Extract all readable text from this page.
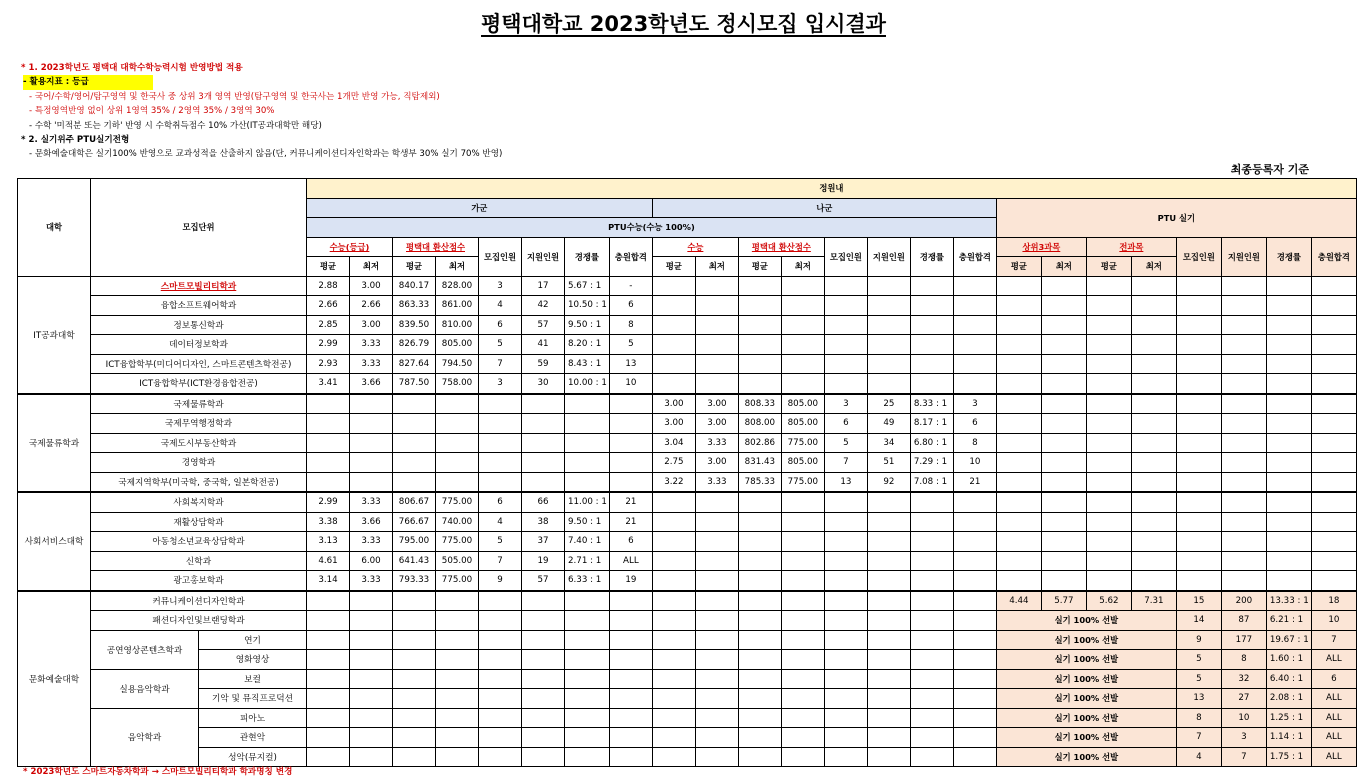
평택대학교 2023학년도 정시모집 입시결과
* 1. 2023학년도 평택대 대학수학능력시험 반영방법 적용
- 활용지표 : 등급
- 국어/수학/영어/탐구영역 및 한국사 중 상위 3개 영역 반영(탐구영역 및 한국사는 1개만 반영 가능, 직탐제외)
- 특정영역반영 없이 상위 1영역 35% / 2영역 35% / 3영역 30%
- 수학 '미적분 또는 기하' 반영 시 수학취득점수 10% 가산(IT공과대학만 해당)
* 2. 실기위주 PTU실기전형
- 문화예술대학은 실기100% 반영으로 교과성적을 산출하지 않음(단, 커뮤니케이션디자인학과는 학생부 30% 실기 70% 반영)
최종등록자 기준
대학	모집단위		정원내																							
			가군								나군								PTU 실기							
			PTU수능(수능 100%)																							
			수능(등급)		평택대 환산점수		모집인원	지원인원	경쟁률	충원합격	수능		평택대 환산점수		모집인원	지원인원	경쟁률	충원합격	상위3과목		전과목		모집인원	지원인원	경쟁률	충원합격
			평균	최저	평균	최저					평균	최저	평균	최저					평균	최저	평균	최저				
IT공과대학	스마트모빌리티학과		2.88	3.00	840.17	828.00	3	17	5.67 : 1	-																
	융합소프트웨어학과		2.66	2.66	863.33	861.00	4	42	10.50 : 1	6																
	정보통신학과		2.85	3.00	839.50	810.00	6	57	9.50 : 1	8																
	데이터정보학과		2.99	3.33	826.79	805.00	5	41	8.20 : 1	5																
	ICT융합학부(미디어디자인, 스마트콘텐츠학전공)		2.93	3.33	827.64	794.50	7	59	8.43 : 1	13																
	ICT융합학부(ICT환경융합전공)		3.41	3.66	787.50	758.00	3	30	10.00 : 1	10																
국제물류학과	국제물류학과										3.00	3.00	808.33	805.00	3	25	8.33 : 1	3								
	국제무역행정학과										3.00	3.00	808.00	805.00	6	49	8.17 : 1	6								
	국제도시부동산학과										3.04	3.33	802.86	775.00	5	34	6.80 : 1	8								
	경영학과										2.75	3.00	831.43	805.00	7	51	7.29 : 1	10								
	국제지역학부(미국학, 중국학, 일본학전공)										3.22	3.33	785.33	775.00	13	92	7.08 : 1	21								
사회서비스대학	사회복지학과		2.99	3.33	806.67	775.00	6	66	11.00 : 1	21																
	재활상담학과		3.38	3.66	766.67	740.00	4	38	9.50 : 1	21																
	아동청소년교육상담학과		3.13	3.33	795.00	775.00	5	37	7.40 : 1	6																
	신학과		4.61	6.00	641.43	505.00	7	19	2.71 : 1	ALL																
	광고홍보학과		3.14	3.33	793.33	775.00	9	57	6.33 : 1	19																
문화예술대학	커뮤니케이션디자인학과																		4.44	5.77	5.62	7.31	15	200	13.33 : 1	18
	패션디자인및브랜딩학과																		실기 100% 선발				14	87	6.21 : 1	10
	공연영상콘텐츠학과	연기																	실기 100% 선발				9	177	19.67 : 1	7
		영화영상																	실기 100% 선발				5	8	1.60 : 1	ALL
	실용음악학과	보컬																	실기 100% 선발				5	32	6.40 : 1	6
		기악 및 뮤직프로덕션																	실기 100% 선발				13	27	2.08 : 1	ALL
	음악학과	피아노																	실기 100% 선발				8	10	1.25 : 1	ALL
		관현악																	실기 100% 선발				7	3	1.14 : 1	ALL
		성악(뮤지컬)																	실기 100% 선발				4	7	1.75 : 1	ALL
* 2023학년도 스마트자동차학과 → 스마트모빌리티학과 학과명칭 변경
